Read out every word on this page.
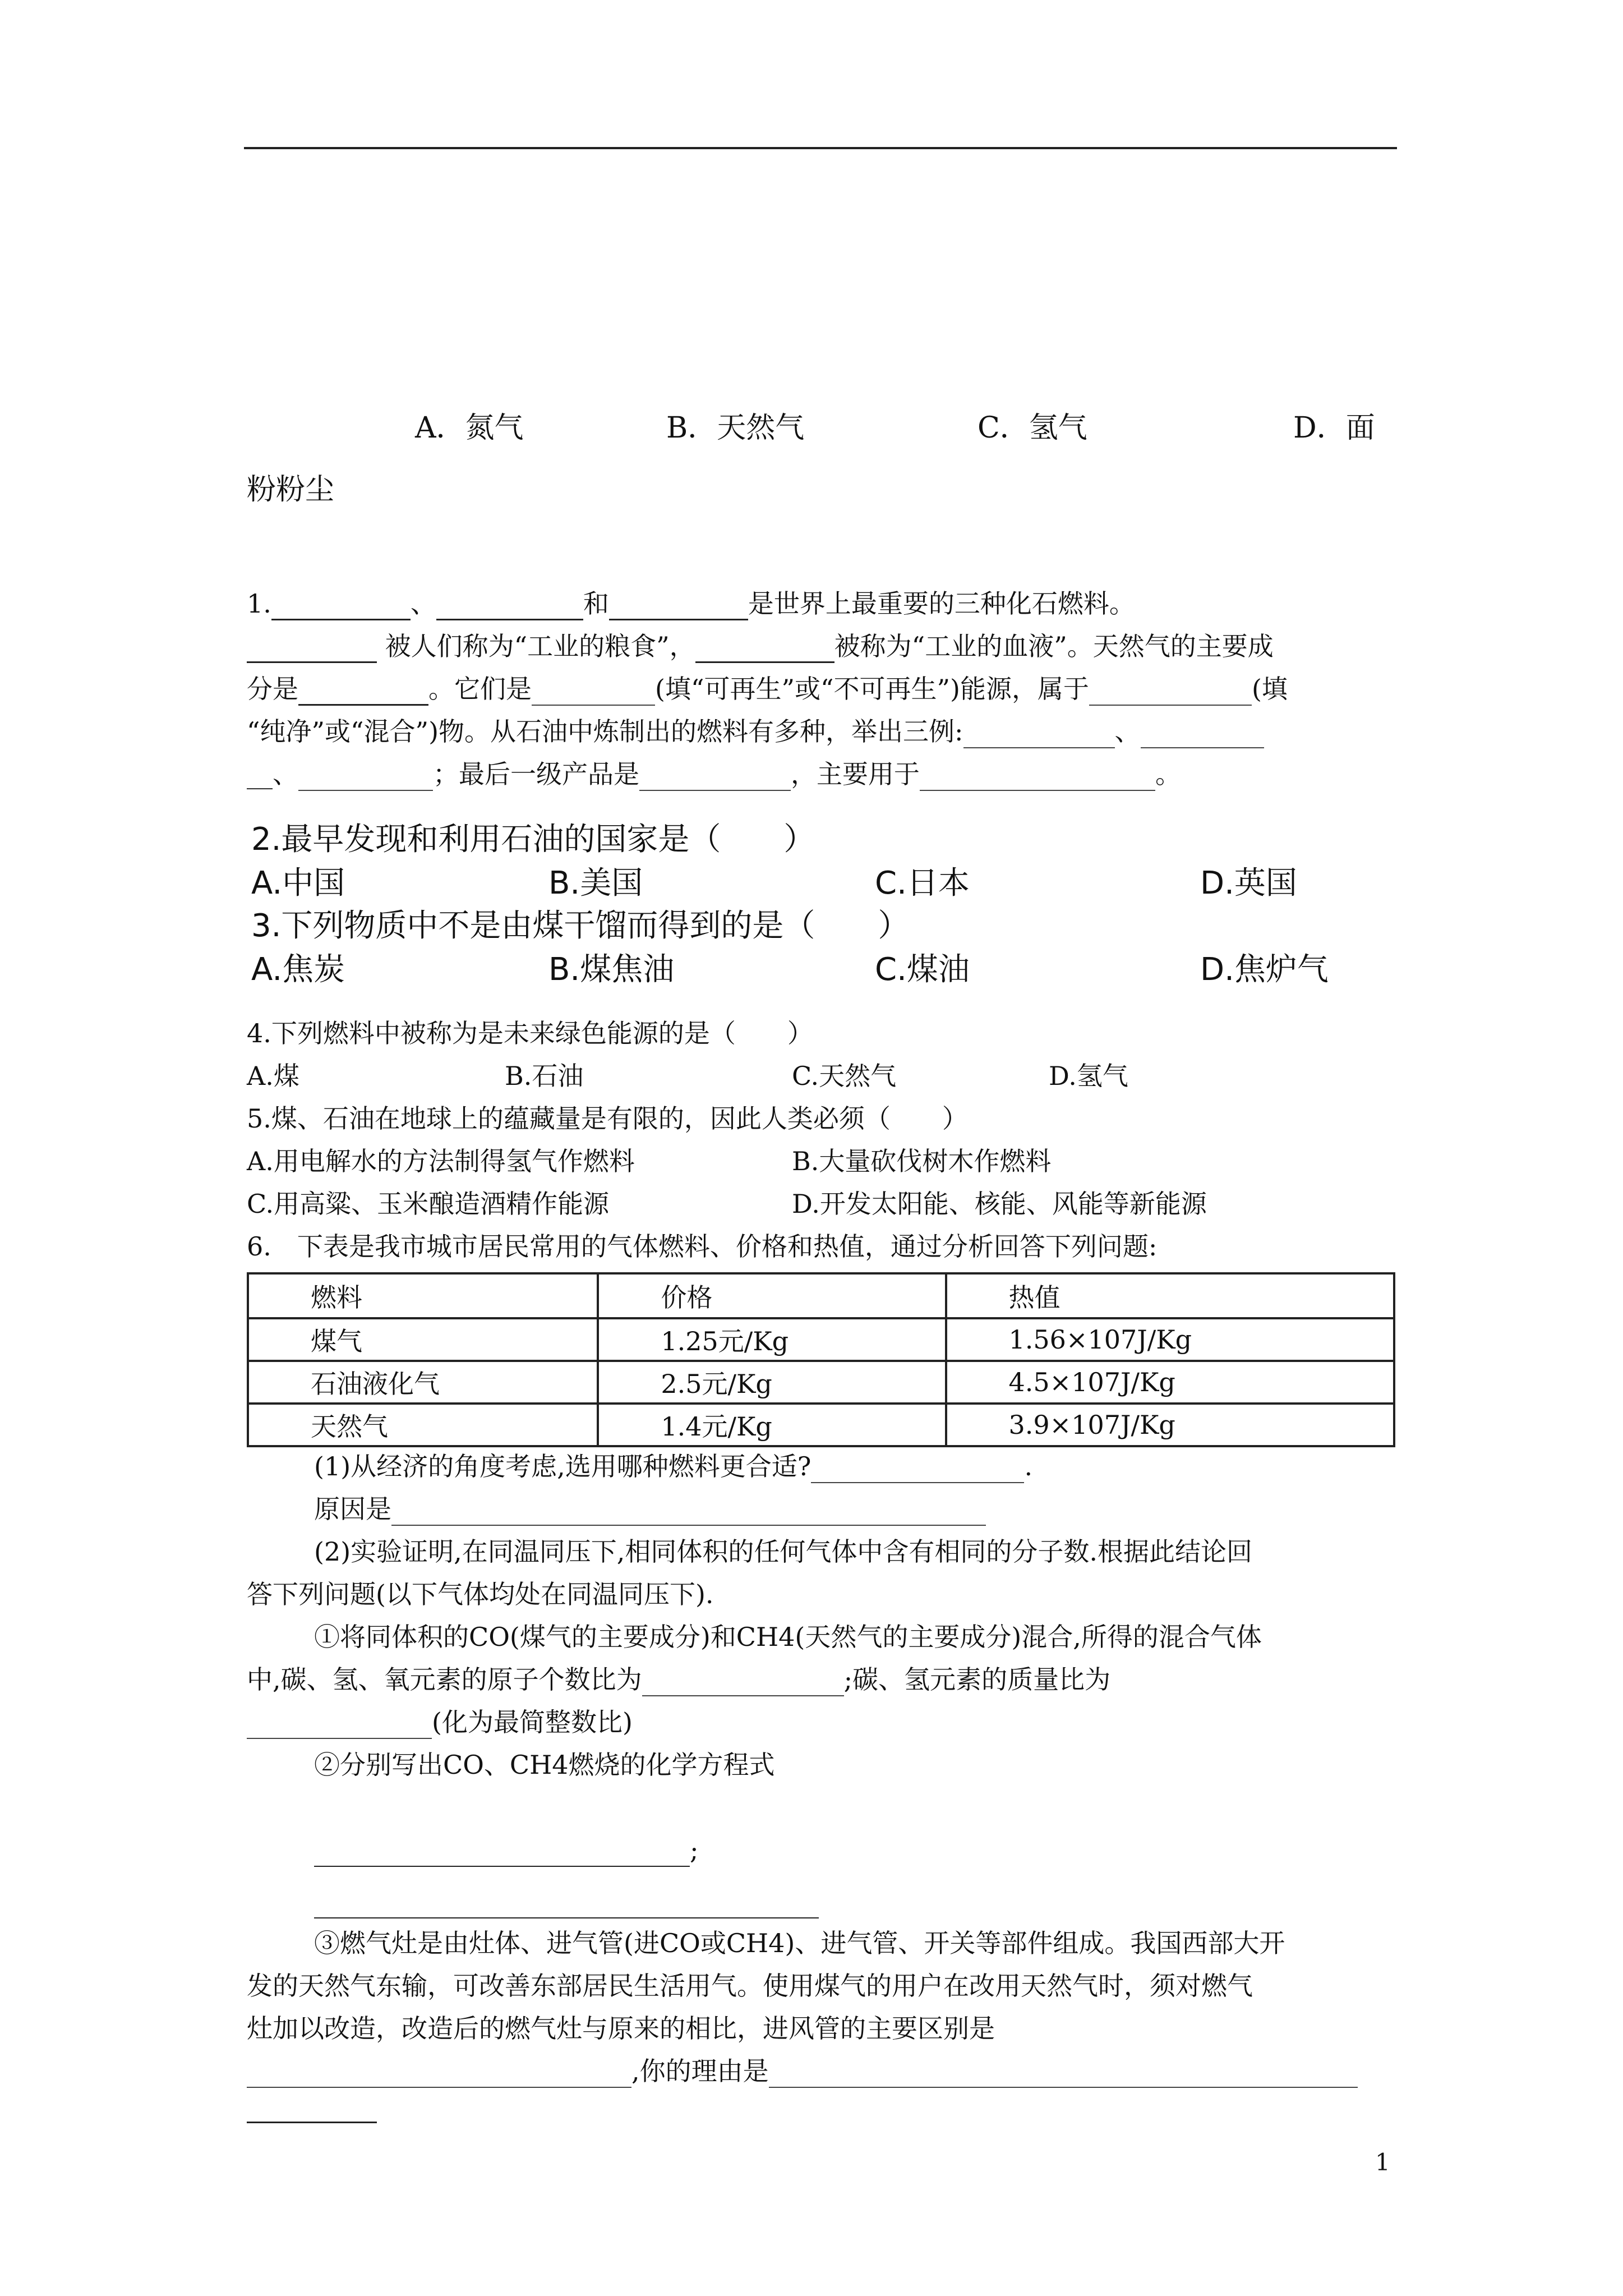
A．氮气	B．天然气	C．氢气	D．面
粉粉尘
1.	、	和	是世界上最重要的三种化石燃料。
被人们称为“工业的粮食”，	被称为“工业的血液”。天然气的主要成
分是	。它们是	(填“可再生”或“不可再生”)能源，属于	(填
“纯净”或“混合”)物。从石油中炼制出的燃料有多种，举出三例:	、
__、	；最后一级产品是	，主要用于	。
2.最早发现和利用石油的国家是（　　）
A.中国	B.美国	C.日本	D.英国
3.下列物质中不是由煤干馏而得到的是（　　）
A.焦炭	B.煤焦油	C.煤油	D.焦炉气
4.下列燃料中被称为是未来绿色能源的是（　　）
A.煤	B.石油	C.天然气	D.氢气
5.煤、石油在地球上的蕴藏量是有限的，因此人类必须（　　）
A.用电解水的方法制得氢气作燃料	B.大量砍伐树木作燃料
C.用高粱、玉米酿造酒精作能源	D.开发太阳能、核能、风能等新能源
6.　下表是我市城市居民常用的气体燃料、价格和热值，通过分析回答下列问题:
燃料	价格	热值
煤气	1.25元/Kg	1.56×107J/Kg
石油液化气	2.5元/Kg	4.5×107J/Kg
天然气	1.4元/Kg	3.9×107J/Kg
(1)从经济的角度考虑,选用哪种燃料更合适?	.
原因是
(2)实验证明,在同温同压下,相同体积的任何气体中含有相同的分子数.根据此结论回
答下列问题(以下气体均处在同温同压下).
①将同体积的CO(煤气的主要成分)和CH4(天然气的主要成分)混合,所得的混合气体
中,碳、氢、氧元素的原子个数比为	;碳、氢元素的质量比为
(化为最简整数比)
②分别写出CO、CH4燃烧的化学方程式
;
③燃气灶是由灶体、进气管(进CO或CH4)、进气管、开关等部件组成。我国西部大开
发的天然气东输，可改善东部居民生活用气。使用煤气的用户在改用天然气时，须对燃气
灶加以改造，改造后的燃气灶与原来的相比，进风管的主要区别是
,你的理由是
1
